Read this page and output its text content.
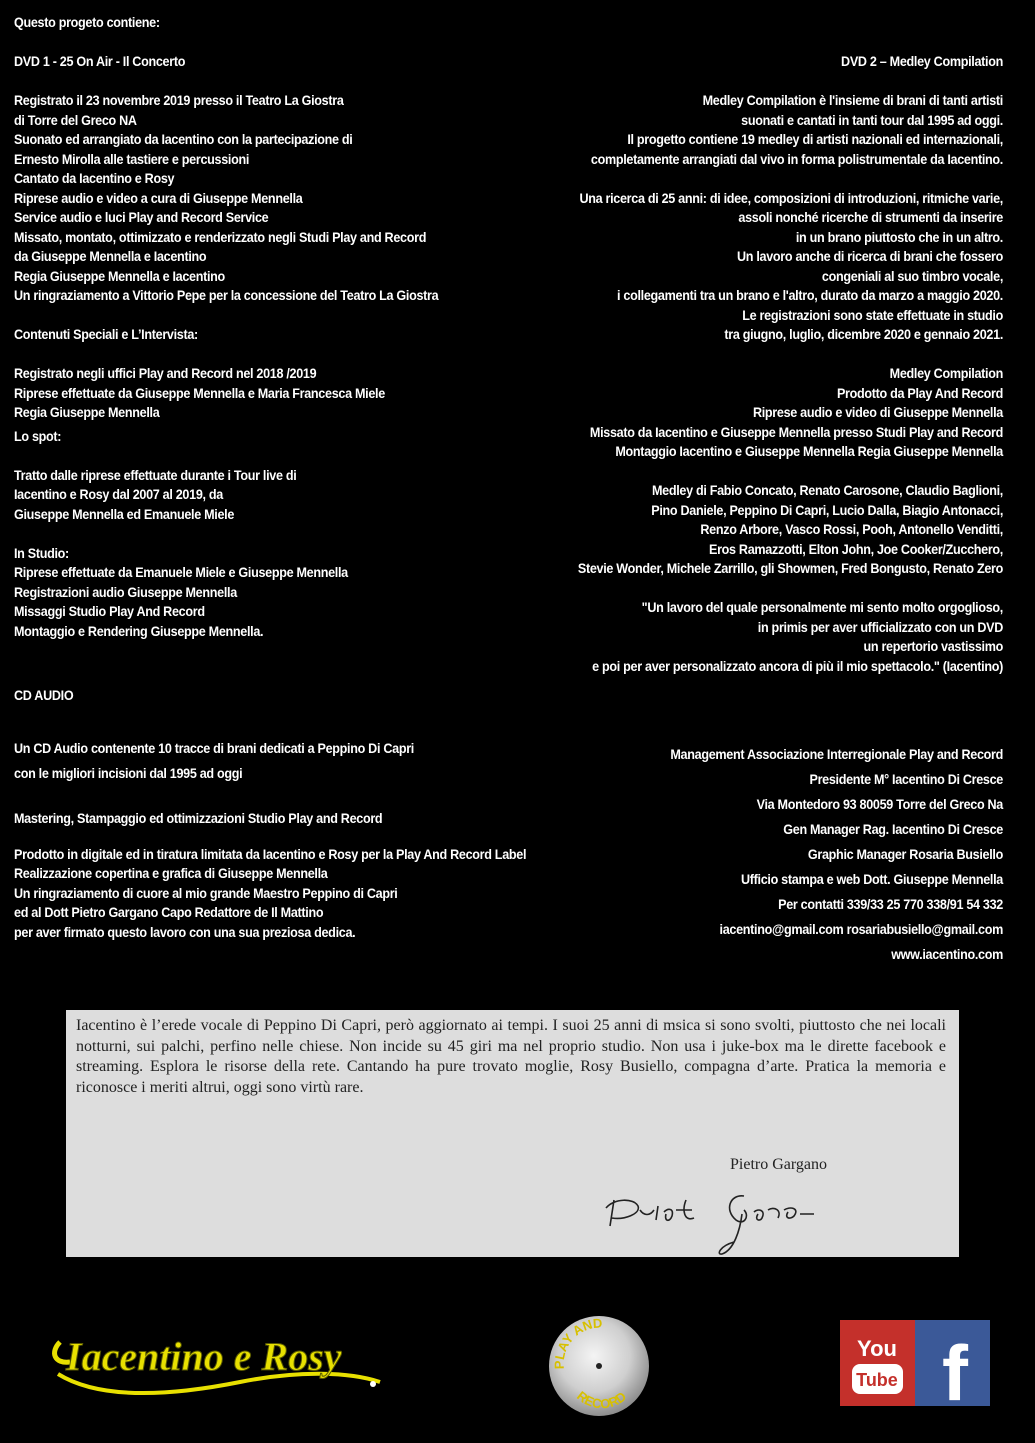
Questo progeto contiene:
DVD 1 - 25 On Air - Il Concerto
Registrato il 23 novembre 2019 presso il Teatro La Giostra
di Torre del Greco NA
Suonato ed arrangiato da Iacentino con la partecipazione di
Ernesto Mirolla alle tastiere e percussioni
Cantato da Iacentino e Rosy
Riprese audio e video a cura di Giuseppe Mennella
Service audio e luci Play and Record Service
Missato, montato, ottimizzato e renderizzato negli Studi Play and Record
da Giuseppe Mennella e Iacentino
Regia Giuseppe Mennella e Iacentino
Un ringraziamento a Vittorio Pepe per la concessione del Teatro La Giostra
Contenuti Speciali e L’Intervista:
Registrato negli uffici Play and Record nel 2018 /2019
Riprese effettuate da Giuseppe Mennella e Maria Francesca Miele
Regia Giuseppe Mennella
Lo spot:
Tratto dalle riprese effettuate durante i Tour live di
Iacentino e Rosy dal 2007 al 2019, da
Giuseppe Mennella ed Emanuele Miele
In Studio:
Riprese effettuate da Emanuele Miele e Giuseppe Mennella
Registrazioni audio Giuseppe Mennella
Missaggi Studio Play And Record
Montaggio e Rendering Giuseppe Mennella.
CD AUDIO
Un CD Audio contenente 10 tracce di brani dedicati a Peppino Di Capri
con le migliori incisioni dal 1995 ad oggi
Mastering, Stampaggio ed ottimizzazioni Studio Play and Record
Prodotto in digitale ed in tiratura limitata da Iacentino e Rosy per la Play And Record Label
Realizzazione copertina e grafica di Giuseppe Mennella
Un ringraziamento di cuore al mio grande Maestro Peppino di Capri
ed al Dott Pietro Gargano Capo Redattore de Il Mattino
per aver firmato questo lavoro con una sua preziosa dedica.
DVD 2 – Medley Compilation
Medley Compilation è l'insieme di brani di tanti artisti
suonati e cantati in tanti tour dal 1995 ad oggi.
Il progetto contiene 19 medley di artisti nazionali ed internazionali,
completamente arrangiati dal vivo in forma polistrumentale da Iacentino.
Una ricerca di 25 anni: di idee, composizioni di introduzioni, ritmiche varie,
assoli nonché ricerche di strumenti da inserire
in un brano piuttosto che in un altro.
Un lavoro anche di ricerca di brani che fossero
congeniali al suo timbro vocale,
i collegamenti tra un brano e l'altro, durato da marzo a maggio 2020.
Le registrazioni sono state effettuate in studio
tra giugno, luglio, dicembre 2020 e gennaio 2021.
Medley Compilation
Prodotto da Play And Record
Riprese audio e video di Giuseppe Mennella
Missato da Iacentino e Giuseppe Mennella presso Studi Play and Record
Montaggio Iacentino e Giuseppe Mennella Regia Giuseppe Mennella
Medley di Fabio Concato, Renato Carosone, Claudio Baglioni,
Pino Daniele, Peppino Di Capri, Lucio Dalla, Biagio Antonacci,
Renzo Arbore, Vasco Rossi, Pooh, Antonello Venditti,
Eros Ramazzotti, Elton John, Joe Cooker/Zucchero,
Stevie Wonder, Michele Zarrillo, gli Showmen, Fred Bongusto, Renato Zero
"Un lavoro del quale personalmente mi sento molto orgoglioso,
in primis per aver ufficializzato con un DVD
un repertorio vastissimo
e poi per aver personalizzato ancora di più il mio spettacolo." (Iacentino)
Management Associazione Interregionale Play and Record
Presidente M° Iacentino Di Cresce
Via Montedoro 93 80059 Torre del Greco Na
Gen Manager Rag. Iacentino Di Cresce
Graphic Manager Rosaria Busiello
Ufficio stampa e web Dott. Giuseppe Mennella
Per contatti 339/33 25 770 338/91 54 332
iacentino@gmail.com rosariabusiello@gmail.com
www.iacentino.com
Iacentino è l’erede vocale di Peppino Di Capri, però aggiornato ai tempi. I suoi 25 anni di msica si sono svolti, piuttosto che nei locali notturni, sui palchi, perfino nelle chiese. Non incide su 45 giri ma nel proprio studio. Non usa i juke-box ma le dirette facebook e streaming. Esplora le risorse della rete. Cantando ha pure trovato moglie, Rosy Busiello, compagna d’arte. Pratica la memoria e riconosce i meriti altrui, oggi sono virtù rare.
Pietro Gargano
Iacentino e Rosy	PLAY AND
RECORD
You
Tube f
